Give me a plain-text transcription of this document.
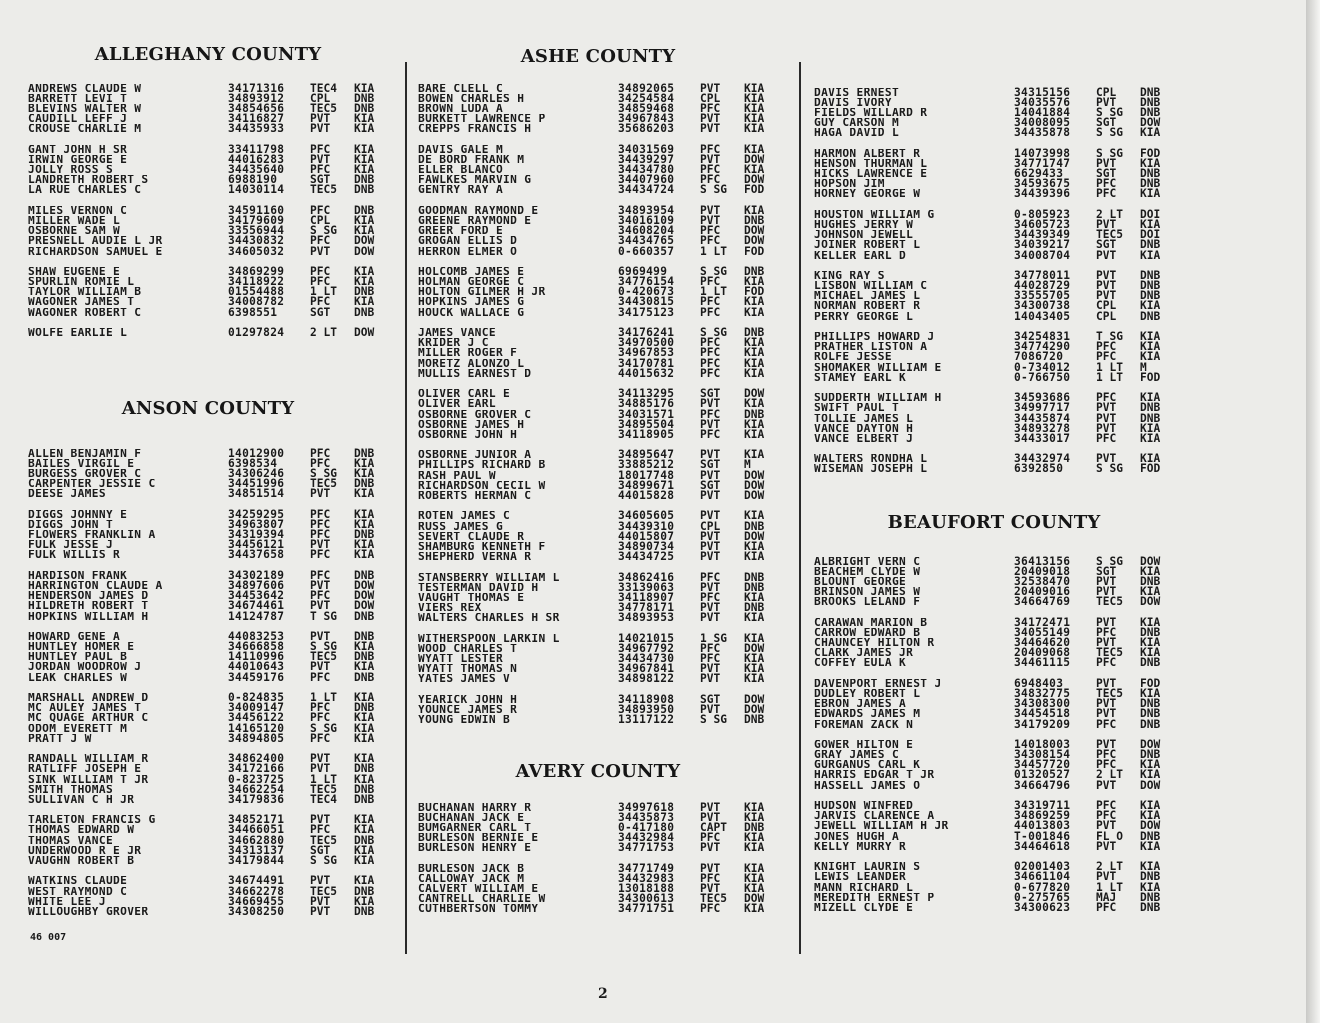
ALLEGHANY COUNTY
ANDREWS CLAUDE W	34171316	TEC4	KIA
BARRETT LEVI T	34893912	CPL	DNB
BLEVINS WALTER W	34854656	TEC5	DNB
CAUDILL LEFF J	34116827	PVT	KIA
CROUSE CHARLIE M	34435933	PVT	KIA
GANT JOHN H SR	33411798	PFC	KIA
IRWIN GEORGE E	44016283	PVT	KIA
JOLLY ROSS S	34435640	PFC	KIA
LANDRETH ROBERT S	6988190	SGT	DNB
LA RUE CHARLES C	14030114	TEC5	DNB
MILES VERNON C	34591160	PFC	DNB
MILLER WADE L	34179609	CPL	KIA
OSBORNE SAM W	33556944	S SG	KIA
PRESNELL AUDIE L JR	34430832	PFC	DOW
RICHARDSON SAMUEL E	34605032	PVT	DOW
SHAW EUGENE E	34869299	PFC	KIA
SPURLIN ROMIE L	34118922	PFC	KIA
TAYLOR WILLIAM B	01554488	1 LT	DNB
WAGONER JAMES T	34008782	PFC	KIA
WAGONER ROBERT C	6398551	SGT	DNB
WOLFE EARLIE L	01297824	2 LT	DOW
ANSON COUNTY
ALLEN BENJAMIN F	14012900	PFC	DNB
BAILES VIRGIL E	6398534	PFC	KIA
BURGESS GROVER C	34306246	S SG	KIA
CARPENTER JESSIE C	34451996	TEC5	DNB
DEESE JAMES	34851514	PVT	KIA
DIGGS JOHNNY E	34259295	PFC	KIA
DIGGS JOHN T	34963807	PFC	KIA
FLOWERS FRANKLIN A	34319394	PFC	DNB
FULK JESSE J	34456121	PVT	KIA
FULK WILLIS R	34437658	PFC	KIA
HARDISON FRANK	34302189	PFC	DNB
HARRINGTON CLAUDE A	34897606	PVT	DOW
HENDERSON JAMES D	34453642	PFC	DOW
HILDRETH ROBERT T	34674461	PVT	DOW
HOPKINS WILLIAM H	14124787	T SG	DNB
HOWARD GENE A	44083253	PVT	DNB
HUNTLEY HOMER E	34666858	S SG	KIA
HUNTLEY PAUL B	14110996	TEC5	DNB
JORDAN WOODROW J	44010643	PVT	KIA
LEAK CHARLES W	34459176	PFC	DNB
MARSHALL ANDREW D	0-824835	1 LT	KIA
MC AULEY JAMES T	34009147	PFC	DNB
MC QUAGE ARTHUR C	34456122	PFC	KIA
ODOM EVERETT M	14165120	S SG	KIA
PRATT J W	34894805	PFC	KIA
RANDALL WILLIAM R	34862400	PVT	KIA
RATLIFF JOSEPH E	34172166	PVT	DNB
SINK WILLIAM T JR	0-823725	1 LT	KIA
SMITH THOMAS	34662254	TEC5	DNB
SULLIVAN C H JR	34179836	TEC4	DNB
TARLETON FRANCIS G	34852171	PVT	KIA
THOMAS EDWARD W	34466051	PFC	KIA
THOMAS VANCE	34662880	TEC5	DNB
UNDERWOOD R E JR	34313137	SGT	KIA
VAUGHN ROBERT B	34179844	S SG	KIA
WATKINS CLAUDE	34674491	PVT	KIA
WEST RAYMOND C	34662278	TEC5	DNB
WHITE LEE J	34669455	PVT	KIA
WILLOUGHBY GROVER	34308250	PVT	DNB
ASHE COUNTY
BARE CLELL C	34892065	PVT	KIA
BOWEN CHARLES H	34254584	CPL	KIA
BROWN LUDA A	34859468	PFC	KIA
BURKETT LAWRENCE P	34967843	PVT	KIA
CREPPS FRANCIS H	35686203	PVT	KIA
DAVIS GALE M	34031569	PFC	KIA
DE BORD FRANK M	34439297	PVT	DOW
ELLER BLANCO	34434780	PFC	KIA
FAWLKES MARVIN G	34407960	PFC	DOW
GENTRY RAY A	34434724	S SG	FOD
GOODMAN RAYMOND E	34893954	PVT	KIA
GREENE RAYMOND E	34016109	PVT	DNB
GREER FORD E	34608204	PFC	DOW
GROGAN ELLIS D	34434765	PFC	DOW
HERRON ELMER O	0-660357	1 LT	FOD
HOLCOMB JAMES E	6969499	S SG	DNB
HOLMAN GEORGE C	34776154	PFC	KIA
HOLTON GILMER H JR	0-420673	1 LT	FOD
HOPKINS JAMES G	34430815	PFC	KIA
HOUCK WALLACE G	34175123	PFC	KIA
JAMES VANCE	34176241	S SG	DNB
KRIDER J C	34970500	PFC	KIA
MILLER ROGER F	34967853	PFC	KIA
MORETZ ALONZO L	34170781	PFC	KIA
MULLIS EARNEST D	44015632	PFC	KIA
OLIVER CARL E	34113295	SGT	DOW
OLIVER EARL	34885176	PVT	KIA
OSBORNE GROVER C	34031571	PFC	DNB
OSBORNE JAMES H	34895504	PVT	KIA
OSBORNE JOHN H	34118905	PFC	KIA
OSBORNE JUNIOR A	34895647	PVT	KIA
PHILLIPS RICHARD B	33885212	SGT	M
RASH PAUL W	18017748	PVT	DOW
RICHARDSON CECIL W	34899671	SGT	DOW
ROBERTS HERMAN C	44015828	PVT	DOW
ROTEN JAMES C	34605605	PVT	KIA
RUSS JAMES G	34439310	CPL	DNB
SEVERT CLAUDE R	44015807	PVT	DOW
SHAMBURG KENNETH F	34890734	PVT	KIA
SHEPHERD VERNA R	34434725	PVT	KIA
STANSBERRY WILLIAM L	34862416	PFC	DNB
TESTERMAN DAVID H	33139063	PVT	DNB
VAUGHT THOMAS E	34118907	PFC	KIA
VIERS REX	34778171	PVT	DNB
WALTERS CHARLES H SR	34893953	PVT	KIA
WITHERSPOON LARKIN L	14021015	1 SG	KIA
WOOD CHARLES T	34967792	PFC	DOW
WYATT LESTER	34434730	PFC	KIA
WYATT THOMAS N	34967841	PVT	KIA
YATES JAMES V	34898122	PVT	KIA
YEARICK JOHN H	34118908	SGT	DOW
YOUNCE JAMES R	34893950	PVT	DOW
YOUNG EDWIN B	13117122	S SG	DNB
AVERY COUNTY
BUCHANAN HARRY R	34997618	PVT	KIA
BUCHANAN JACK E	34435873	PVT	KIA
BUMGARNER CARL T	0-417180	CAPT	DNB
BURLESON BERNIE E	34432984	PFC	KIA
BURLESON HENRY E	34771753	PVT	KIA
BURLESON JACK B	34771749	PVT	KIA
CALLOWAY JACK M	34432983	PFC	KIA
CALVERT WILLIAM E	13018188	PVT	KIA
CANTRELL CHARLIE W	34300613	TEC5	DOW
CUTHBERTSON TOMMY	34771751	PFC	KIA
DAVIS ERNEST	34315156	CPL	DNB
DAVIS IVORY	34035576	PVT	DNB
FIELDS WILLARD R	14041884	S SG	DNB
GUY CARSON M	34008095	SGT	DOW
HAGA DAVID L	34435878	S SG	KIA
HARMON ALBERT R	14073998	S SG	FOD
HENSON THURMAN L	34771747	PVT	KIA
HICKS LAWRENCE E	6629433	SGT	DNB
HOPSON JIM	34593675	PFC	DNB
HORNEY GEORGE W	34439396	PFC	KIA
HOUSTON WILLIAM G	0-805923	2 LT	DOI
HUGHES JERRY W	34605723	PVT	KIA
JOHNSON JEWELL	34439349	TEC5	DOI
JOINER ROBERT L	34039217	SGT	DNB
KELLER EARL D	34008704	PVT	KIA
KING RAY S	34778011	PVT	DNB
LISBON WILLIAM C	44028729	PVT	DNB
MICHAEL JAMES L	33555705	PVT	DNB
NORMAN ROBERT R	34300738	CPL	KIA
PERRY GEORGE L	14043405	CPL	DNB
PHILLIPS HOWARD J	34254831	T SG	KIA
PRATHER LISTON A	34774290	PFC	KIA
ROLFE JESSE	7086720	PFC	KIA
SHOMAKER WILLIAM E	0-734012	1 LT	M
STAMEY EARL K	0-766750	1 LT	FOD
SUDDERTH WILLIAM H	34593686	PFC	KIA
SWIFT PAUL T	34997717	PVT	DNB
TOLLIE JAMES L	34435874	PVT	DNB
VANCE DAYTON H	34893278	PVT	KIA
VANCE ELBERT J	34433017	PFC	KIA
WALTERS RONDHA L	34432974	PVT	KIA
WISEMAN JOSEPH L	6392850	S SG	FOD
BEAUFORT COUNTY
ALBRIGHT VERN C	36413156	S SG	DOW
BEACHEM CLYDE W	20409018	SGT	KIA
BLOUNT GEORGE	32538470	PVT	DNB
BRINSON JAMES W	20409016	PVT	KIA
BROOKS LELAND F	34664769	TEC5	DOW
CARAWAN MARION B	34172471	PVT	KIA
CARROW EDWARD B	34055149	PFC	DNB
CHAUNCEY HILTON R	34464620	PVT	KIA
CLARK JAMES JR	20409068	TEC5	KIA
COFFEY EULA K	34461115	PFC	DNB
DAVENPORT ERNEST J	6948403	PVT	FOD
DUDLEY ROBERT L	34832775	TEC5	KIA
EBRON JAMES A	34308300	PVT	DNB
EDWARDS JAMES M	34454518	PVT	DNB
FOREMAN ZACK N	34179209	PFC	DNB
GOWER HILTON E	14018003	PVT	DOW
GRAY JAMES C	34308154	PFC	DNB
GURGANUS CARL K	34457720	PFC	KIA
HARRIS EDGAR T JR	01320527	2 LT	KIA
HASSELL JAMES O	34664796	PVT	DOW
HUDSON WINFRED	34319711	PFC	KIA
JARVIS CLARENCE A	34869259	PFC	KIA
JEWELL WILLIAM H JR	44013803	PVT	DOW
JONES HUGH A	T-001846	FL O	DNB
KELLY MURRY R	34464618	PVT	KIA
KNIGHT LAURIN S	02001403	2 LT	KIA
LEWIS LEANDER	34661104	PVT	DNB
MANN RICHARD L	0-677820	1 LT	KIA
MEREDITH ERNEST P	0-275765	MAJ	DNB
MIZELL CLYDE E	34300623	PFC	DNB
46 007
2
